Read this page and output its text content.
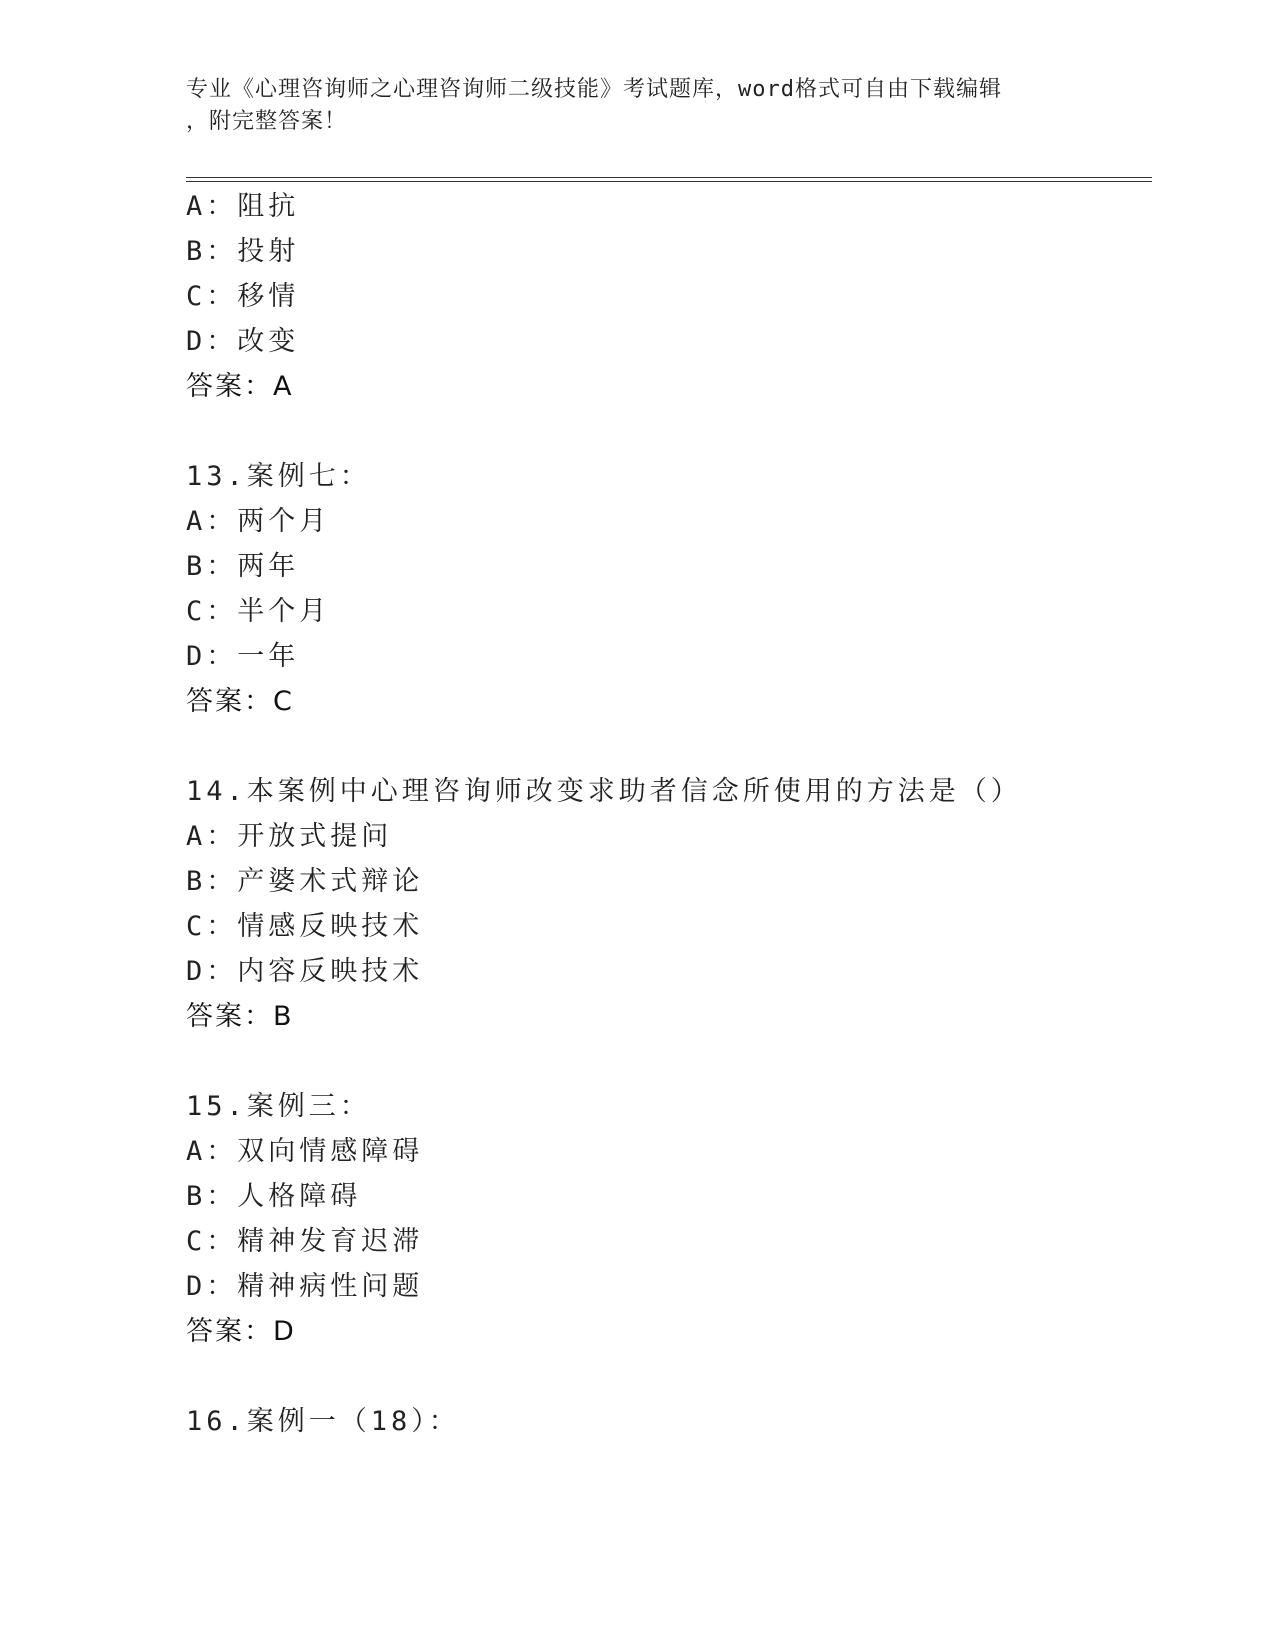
专业《心理咨询师之心理咨询师二级技能》考试题库，word格式可自由下载编辑
，附完整答案！
A：阻抗
B：投射
C：移情
D：改变
答案：A
13.案例七：
A：两个月
B：两年
C：半个月
D：一年
答案：C
14.本案例中心理咨询师改变求助者信念所使用的方法是（）
A：开放式提问
B：产婆术式辩论
C：情感反映技术
D：内容反映技术
答案：B
15.案例三：
A：双向情感障碍
B：人格障碍
C：精神发育迟滞
D：精神病性问题
答案：D
16.案例一（18）：
